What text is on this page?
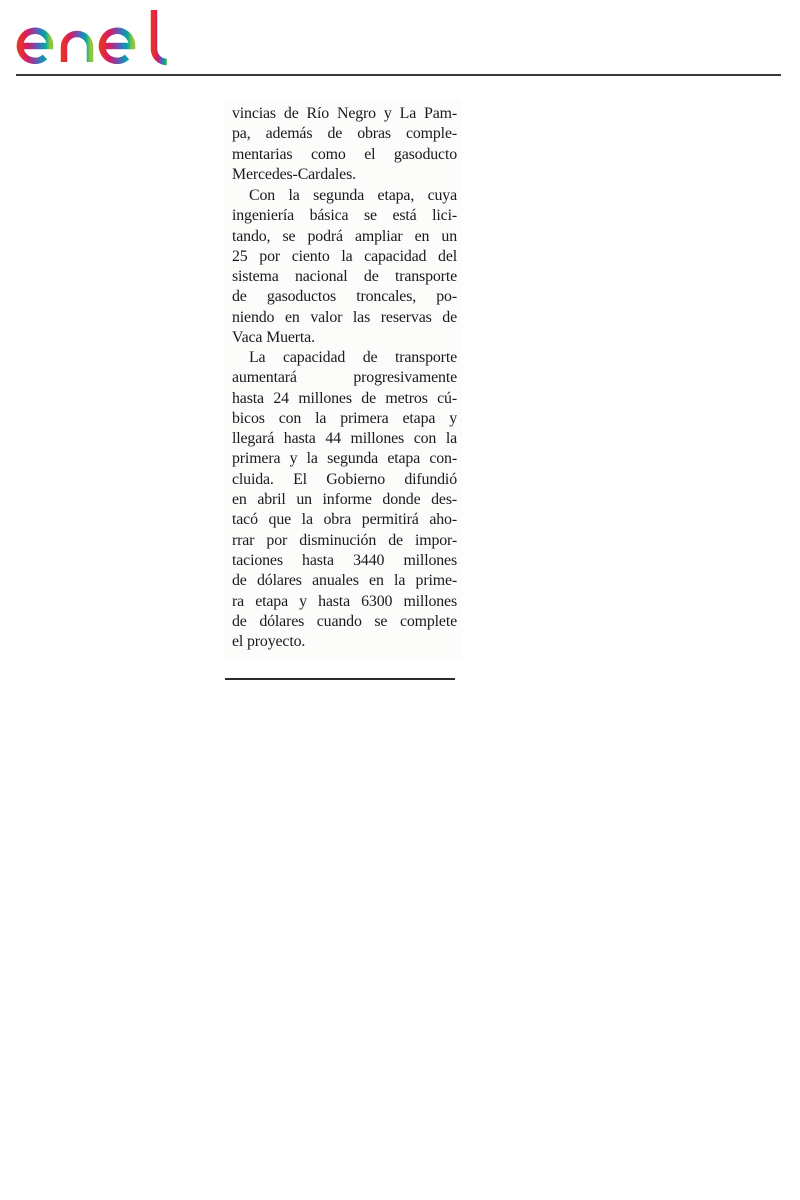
vincias de Río Negro y La Pam-
pa, además de obras comple-
mentarias como el gasoducto
Mercedes-Cardales.
Con la segunda etapa, cuya
ingeniería básica se está lici-
tando, se podrá ampliar en un
25 por ciento la capacidad del
sistema nacional de transporte
de gasoductos troncales, po-
niendo en valor las reservas de
Vaca Muerta.
La capacidad de transporte
aumentará progresivamente
hasta 24 millones de metros cú-
bicos con la primera etapa y
llegará hasta 44 millones con la
primera y la segunda etapa con-
cluida. El Gobierno difundió
en abril un informe donde des-
tacó que la obra permitirá aho-
rrar por disminución de impor-
taciones hasta 3440 millones
de dólares anuales en la prime-
ra etapa y hasta 6300 millones
de dólares cuando se complete
el proyecto.
